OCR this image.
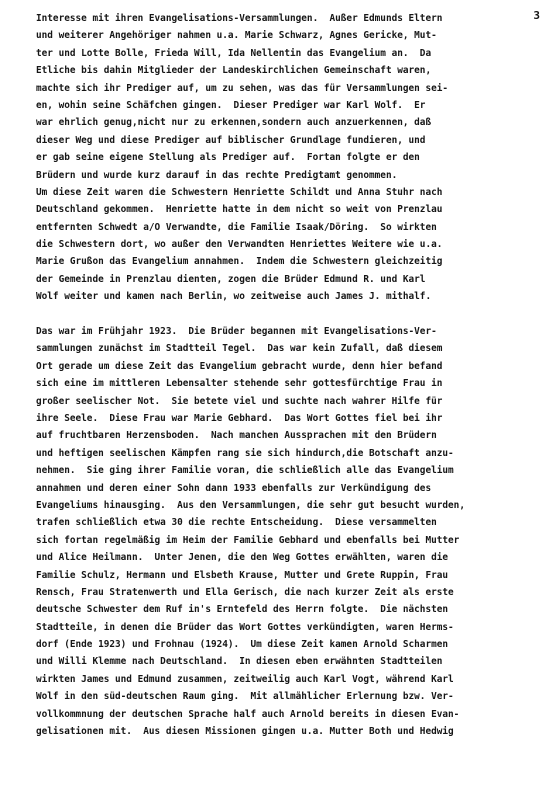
3
Interesse mit ihren Evangelisations-Versammlungen.  Außer Edmunds Eltern
und weiterer Angehöriger nahmen u.a. Marie Schwarz, Agnes Gericke, Mut-
ter und Lotte Bolle, Frieda Will, Ida Nellentin das Evangelium an.  Da
Etliche bis dahin Mitglieder der Landeskirchlichen Gemeinschaft waren,
machte sich ihr Prediger auf, um zu sehen, was das für Versammlungen sei-
en, wohin seine Schäfchen gingen.  Dieser Prediger war Karl Wolf.  Er
war ehrlich genug,nicht nur zu erkennen,sondern auch anzuerkennen, daß
dieser Weg und diese Prediger auf biblischer Grundlage fundieren, und
er gab seine eigene Stellung als Prediger auf.  Fortan folgte er den
Brüdern und wurde kurz darauf in das rechte Predigtamt genommen.
Um diese Zeit waren die Schwestern Henriette Schildt und Anna Stuhr nach
Deutschland gekommen.  Henriette hatte in dem nicht so weit von Prenzlau
entfernten Schwedt a/O Verwandte, die Familie Isaak/Döring.  So wirkten
die Schwestern dort, wo außer den Verwandten Henriettes Weitere wie u.a.
Marie Grußon das Evangelium annahmen.  Indem die Schwestern gleichzeitig
der Gemeinde in Prenzlau dienten, zogen die Brüder Edmund R. und Karl
Wolf weiter und kamen nach Berlin, wo zeitweise auch James J. mithalf.
Das war im Frühjahr 1923.  Die Brüder begannen mit Evangelisations-Ver-
sammlungen zunächst im Stadtteil Tegel.  Das war kein Zufall, daß diesem
Ort gerade um diese Zeit das Evangelium gebracht wurde, denn hier befand
sich eine im mittleren Lebensalter stehende sehr gottesfürchtige Frau in
großer seelischer Not.  Sie betete viel und suchte nach wahrer Hilfe für
ihre Seele.  Diese Frau war Marie Gebhard.  Das Wort Gottes fiel bei ihr
auf fruchtbaren Herzensboden.  Nach manchen Aussprachen mit den Brüdern
und heftigen seelischen Kämpfen rang sie sich hindurch,die Botschaft anzu-
nehmen.  Sie ging ihrer Familie voran, die schließlich alle das Evangelium
annahmen und deren einer Sohn dann 1933 ebenfalls zur Verkündigung des
Evangeliums hinausging.  Aus den Versammlungen, die sehr gut besucht wurden,
trafen schließlich etwa 30 die rechte Entscheidung.  Diese versammelten
sich fortan regelmäßig im Heim der Familie Gebhard und ebenfalls bei Mutter
und Alice Heilmann.  Unter Jenen, die den Weg Gottes erwählten, waren die
Familie Schulz, Hermann und Elsbeth Krause, Mutter und Grete Ruppin, Frau
Rensch, Frau Stratenwerth und Ella Gerisch, die nach kurzer Zeit als erste
deutsche Schwester dem Ruf in's Erntefeld des Herrn folgte.  Die nächsten
Stadtteile, in denen die Brüder das Wort Gottes verkündigten, waren Herms-
dorf (Ende 1923) und Frohnau (1924).  Um diese Zeit kamen Arnold Scharmen
und Willi Klemme nach Deutschland.  In diesen eben erwähnten Stadtteilen
wirkten James und Edmund zusammen, zeitweilig auch Karl Vogt, während Karl
Wolf in den süd-deutschen Raum ging.  Mit allmählicher Erlernung bzw. Ver-
vollkommnung der deutschen Sprache half auch Arnold bereits in diesen Evan-
gelisationen mit.  Aus diesen Missionen gingen u.a. Mutter Both und Hedwig
